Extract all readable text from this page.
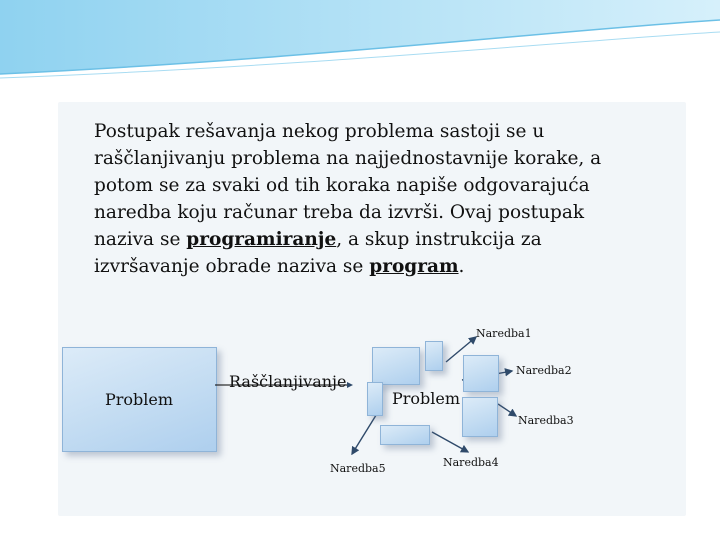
Postupak rešavanja nekog problema sastoji se u
raščlanjivanju problema na najjednostavnije korake, a
potom se za svaki od tih koraka napiše odgovarajuća
naredba koju računar treba da izvrši. Ovaj postupak
naziva se programiranje, a skup instrukcija za
izvršavanje obrade naziva se program.
Problem
Raščlanjivanje
Problem
Naredba1
Naredba2
Naredba3
Naredba4
Naredba5
